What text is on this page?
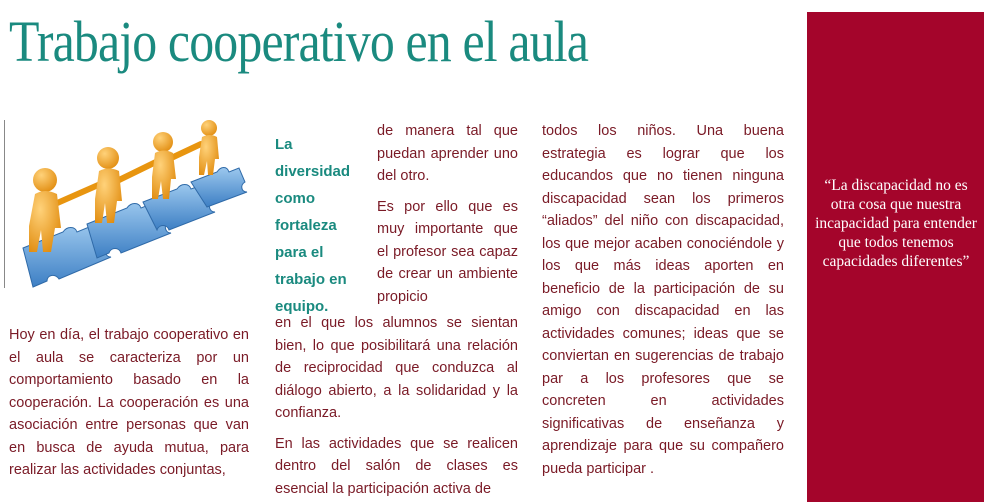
Trabajo cooperativo en el aula

Hoy en día, el trabajo cooperativo en el aula se caracteriza por un comportamiento basado en la cooperación. La cooperación es una asociación entre personas que van en busca de ayuda mutua, para realizar las actividades conjuntas,

La diversidad como fortaleza para el trabajo en equipo.

de manera tal que puedan aprender uno del otro.

Es por ello que es muy importante que el profesor sea capaz de crear un ambiente propicio

en el que los alumnos se sientan bien, lo que posibilitará una relación de reciprocidad que conduzca al diálogo abierto, a la solidaridad y la confianza.

En las actividades que se realicen dentro del salón de clases es esencial la participación activa de

todos los niños. Una buena estrategia es lograr que los educandos que no tienen ninguna discapacidad sean los primeros “aliados” del niño con discapacidad, los que mejor acaben conociéndole y los que más ideas aporten en beneficio de la participación de su amigo con discapacidad en las actividades comunes; ideas que se conviertan en sugerencias de trabajo par a los profesores que se concreten en actividades significativas de enseñanza y aprendizaje para que su compañero pueda participar .

“La discapacidad no es otra cosa que nuestra incapacidad para entender que todos tenemos capacidades diferentes”
